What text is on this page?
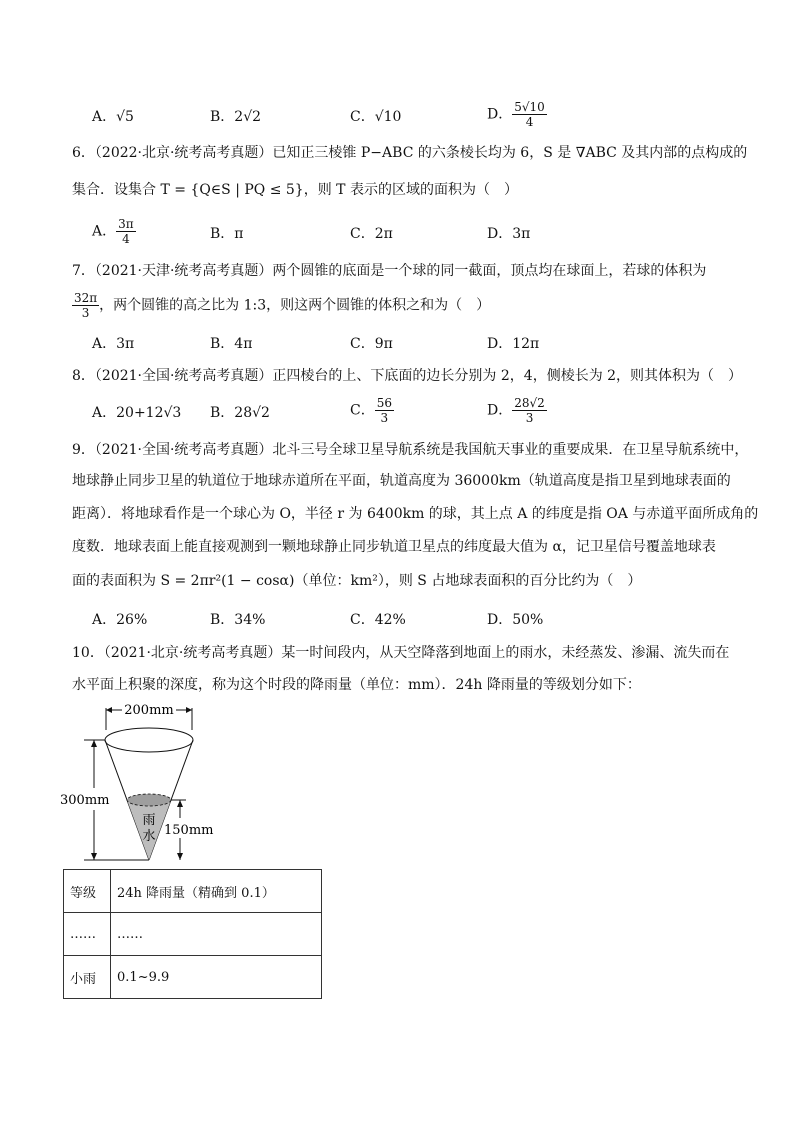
A．√5	B．2√2	C．√10	D． $\frac{5√10}{4}$
6．（2022·北京·统考高考真题）已知正三棱锥 P−ABC 的六条棱长均为 6，S 是 ∇ABC 及其内部的点构成的
集合．设集合 T = {Q∈S | PQ ≤ 5}，则 T 表示的区域的面积为（　）
A． $\frac{3\pi}{4}$	B．π	C．2π	D．3π
7．（2021·天津·统考高考真题）两个圆锥的底面是一个球的同一截面，顶点均在球面上，若球的体积为
$\frac{32\pi}{3}$ ，两个圆锥的高之比为 1:3，则这两个圆锥的体积之和为（　）
A．3π	B．4π	C．9π	D．12π
8．（2021·全国·统考高考真题）正四棱台的上、下底面的边长分别为 2，4，侧棱长为 2，则其体积为（　）
A．20+12√3 B．28√2	C． $\frac{56}{3}$	D． $\frac{28√2}{3}$
9．（2021·全国·统考高考真题）北斗三号全球卫星导航系统是我国航天事业的重要成果．在卫星导航系统中，
地球静止同步卫星的轨道位于地球赤道所在平面，轨道高度为 36000km（轨道高度是指卫星到地球表面的
距离）．将地球看作是一个球心为 O，半径 r 为 6400km 的球，其上点 A 的纬度是指 OA 与赤道平面所成角的
度数．地球表面上能直接观测到一颗地球静止同步轨道卫星点的纬度最大值为 α，记卫星信号覆盖地球表
面的表面积为 S = 2πr²(1 − cosα)（单位：km²），则 S 占地球表面积的百分比约为（　）
A．26%	B．34%	C．42%	D．50%
10．（2021·北京·统考高考真题）某一时间段内，从天空降落到地面上的雨水，未经蒸发、渗漏、流失而在
水平面上积聚的深度，称为这个时段的降雨量（单位：mm）．24h 降雨量的等级划分如下：
200mm
雨
水
300mm
150mm
等级	24h 降雨量（精确到 0.1）
……	……
小雨	0.1~9.9
